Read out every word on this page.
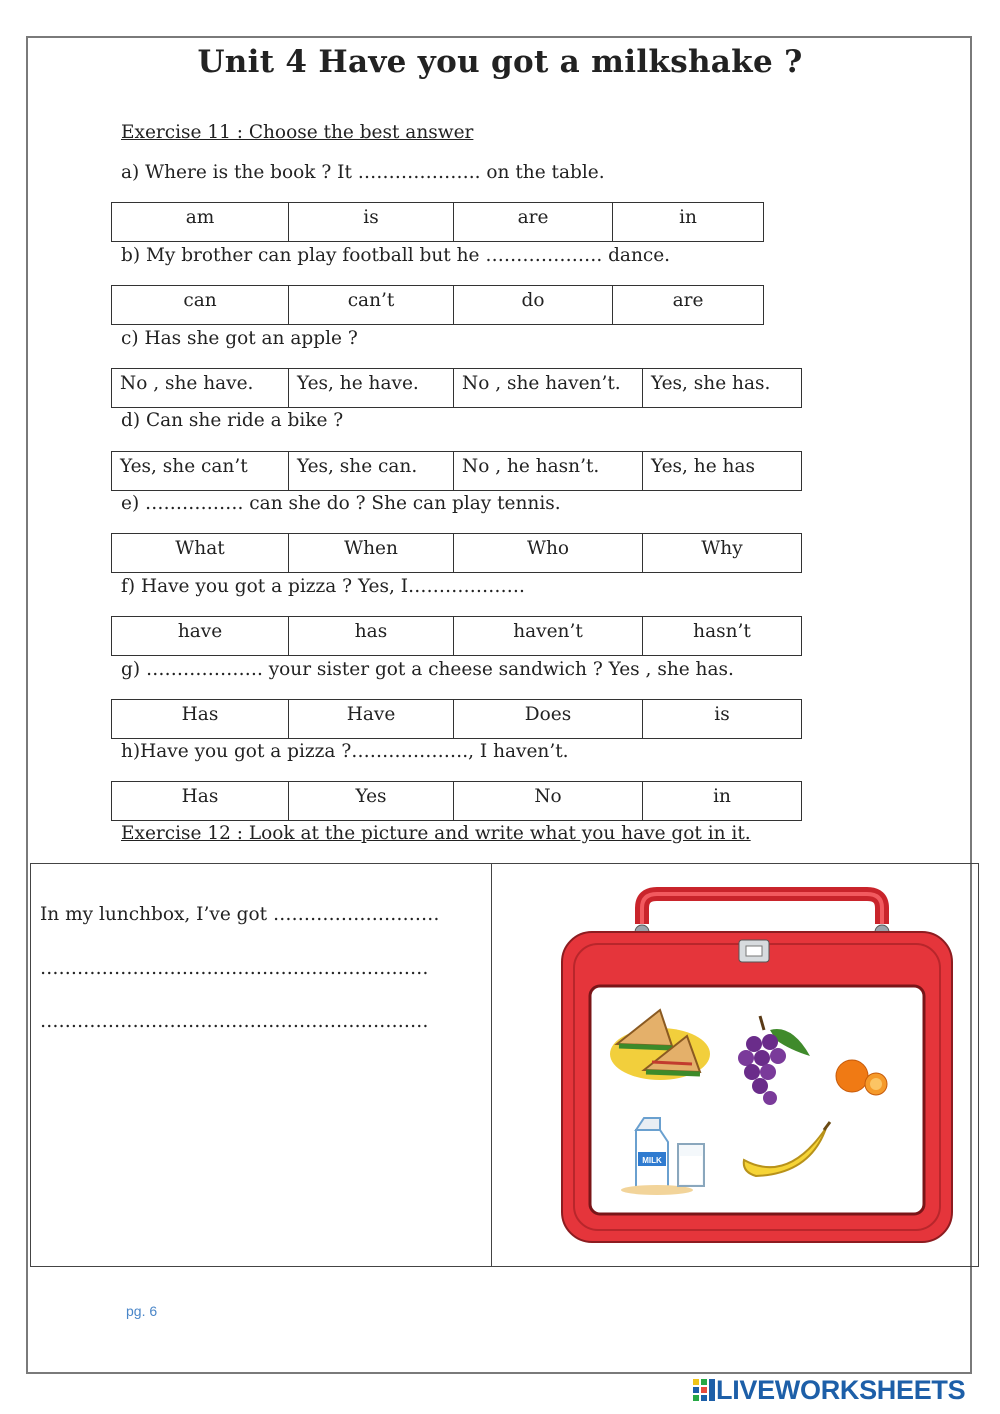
Unit 4 Have you got a milkshake ?
Exercise 11 : Choose the best answer
a) Where is the book ? It ……………….. on the table.
am	is	are	in
b) My brother can play football but he ………………. dance.
can	can’t	do	are
c) Has she got an apple ?
No , she have.	Yes, he have.	No , she haven’t.	Yes, she has.
d) Can she ride a bike ?
Yes, she can’t	Yes, she can.	No , he hasn’t.	Yes, he has
e) ……………. can she do ? She can play tennis.
What	When	Who	Why
f) Have you got a pizza ? Yes, I……………….
have	has	haven’t	hasn’t
g) ………………. your sister got a cheese sandwich ? Yes , she has.
Has	Have	Does	is
h)Have you got a pizza ?………………., I haven’t.
Has	Yes	No	in
Exercise 12 : Look at the picture and write what you have got in it.
In my lunchbox, I’ve got ………………………
………………………………………………………
………………………………………………………
MILK
pg. 6
LIVEWORKSHEETS
